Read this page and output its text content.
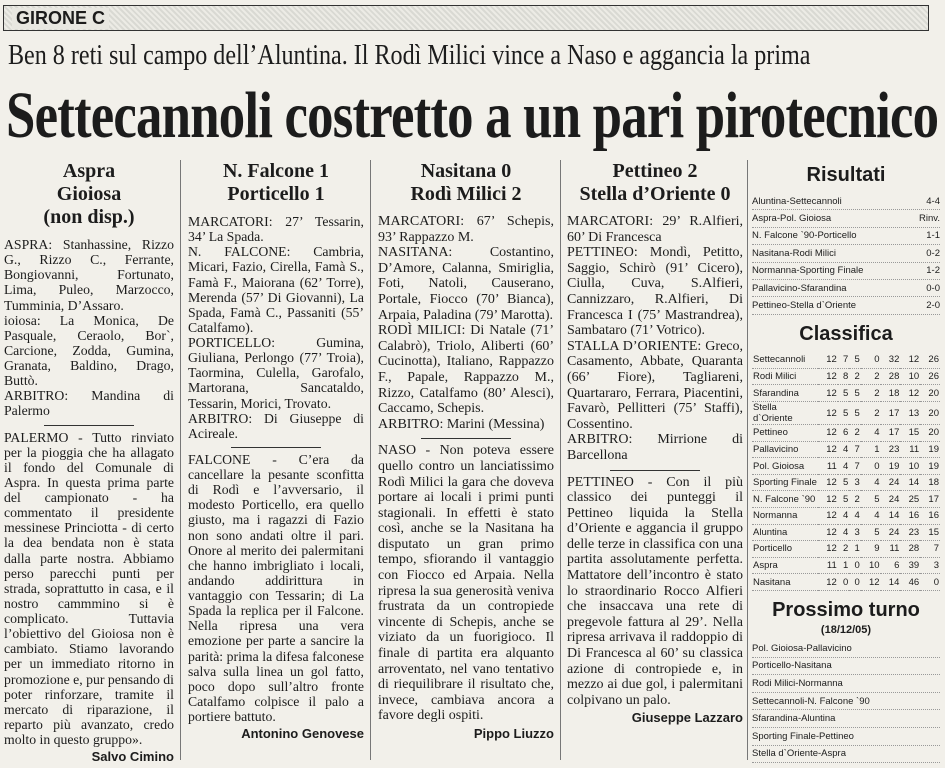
GIRONE C
Ben 8 reti sul campo dell’Aluntina. Il Rodì Milici vince a Naso e aggancia la prima
Settecannoli costretto a un pari pirotecnico
Aspra
Gioiosa
(non disp.)

ASPRA: Stanhassine, Rizzo G., Rizzo C., Ferrante, Bongiovanni, Fortunato, Lima, Puleo, Marzocco, Tumminia, D’Assaro.

ioiosa: La Monica, De Pasquale, Ceraolo, Bor`, Carcione, Zodda, Gumina, Granata, Baldino, Drago, Buttò.

ARBITRO: Mandina di Palermo

PALERMO - Tutto rinviato per la pioggia che ha allagato il fondo del Comunale di Aspra. In questa prima parte del campionato - ha commentato il presidente messinese Princiotta - di certo la dea bendata non è stata dalla parte nostra. Abbiamo perso parecchi punti per strada, soprattutto in casa, e il nostro cammmino si è complicato. Tuttavia l’obiettivo del Gioiosa non è cambiato. Stiamo lavorando per un immediato ritorno in promozione e, pur pensando di poter rinforzare, tramite il mercato di riparazione, il reparto più avanzato, credo molto in questo gruppo».

Salvo Cimino
N. Falcone 1
Porticello 1

MARCATORI: 27’ Tessarin, 34’ La Spada.

N. FALCONE: Cambria, Micari, Fazio, Cirella, Famà S., Famà F., Maiorana (62’ Torre), Merenda (57’ Di Giovanni), La Spada, Famà C., Passaniti (55’ Catalfamo).

PORTICELLO: Gumina, Giuliana, Perlongo (77’ Troia), Taormina, Culella, Garofalo, Martorana, Sancataldo, Tessarin, Morici, Trovato.

ARBITRO: Di Giuseppe di Acireale.

FALCONE - C’era da cancellare la pesante sconfitta di Rodì e l’avversario, il modesto Porticello, era quello giusto, ma i ragazzi di Fazio non sono andati oltre il pari. Onore al merito dei palermitani che hanno imbrigliato i locali, andando addirittura in vantaggio con Tessarin; di La Spada la replica per il Falcone. Nella ripresa una vera emozione per parte a sancire la parità: prima la difesa falconese salva sulla linea un gol fatto, poco dopo sull’altro fronte Catalfamo colpisce il palo a portiere battuto.

Antonino Genovese
Nasitana 0
Rodì Milici 2

MARCATORI: 67’ Schepis, 93’ Rappazzo M.

NASITANA: Costantino, D’Amore, Calanna, Smiriglia, Foti, Natoli, Causerano, Portale, Fiocco (70’ Bianca), Arpaia, Paladina (79’ Marotta).

RODÌ MILICI: Di Natale (71’ Calabrò), Triolo, Aliberti (60’ Cucinotta), Italiano, Rappazzo F., Papale, Rappazzo M., Rizzo, Catalfamo (80’ Alesci), Caccamo, Schepis.

ARBITRO: Marini (Messina)

NASO - Non poteva essere quello contro un lanciatissimo Rodì Milici la gara che doveva portare ai locali i primi punti stagionali. In effetti è stato così, anche se la Nasitana ha disputato un gran primo tempo, sfiorando il vantaggio con Fiocco ed Arpaia. Nella ripresa la sua generosità veniva frustrata da un contropiede vincente di Schepis, anche se viziato da un fuorigioco. Il finale di partita era alquanto arroventato, nel vano tentativo di riequilibrare il risultato che, invece, cambiava ancora a favore degli ospiti.

Pippo Liuzzo
Pettineo 2
Stella d’Oriente 0

MARCATORI: 29’ R.Alfieri, 60’ Di Francesca

PETTINEO: Mondì, Petitto, Saggio, Schirò (91’ Cicero), Ciulla, Cuva, S.Alfieri, Cannizzaro, R.Alfieri, Di Francesca I (75’ Mastrandrea), Sambataro (71’ Votrico).

STALLA D’ORIENTE: Greco, Casamento, Abbate, Quaranta (66’ Fiore), Tagliareni, Quartararo, Ferrara, Piacentini, Favarò, Pellitteri (75’ Staffi), Cossentino.

ARBITRO: Mirrione di Barcellona

PETTINEO - Con il più classico dei punteggi il Pettineo liquida la Stella d’Oriente e aggancia il gruppo delle terze in classifica con una partita assolutamente perfetta. Mattatore dell’incontro è stato lo straordinario Rocco Alfieri che insaccava una rete di pregevole fattura al 29’. Nella ripresa arrivava il raddoppio di Di Francesca al 60’ su classica azione di contropiede e, in mezzo ai due gol, i palermitani colpivano un palo.

Giuseppe Lazzaro
Risultati
Aluntina-Settecannoli	4-4
Aspra-Pol. Gioiosa	Rinv.
N. Falcone `90-Porticello	1-1
Nasitana-Rodi Milici	0-2
Normanna-Sporting Finale	1-2
Pallavicino-Sfarandina	0-0
Pettineo-Stella d`Oriente	2-0
Classifica
Settecannoli	12	7	5	0	32	12	26
Rodi Milici	12	8	2	2	28	10	26
Sfarandina	12	5	5	2	18	12	20
Stella d`Oriente	12	5	5	2	17	13	20
Pettineo	12	6	2	4	17	15	20
Pallavicino	12	4	7	1	23	11	19
Pol. Gioiosa	11	4	7	0	19	10	19
Sporting Finale	12	5	3	4	24	14	18
N. Falcone `90	12	5	2	5	24	25	17
Normanna	12	4	4	4	14	16	16
Aluntina	12	4	3	5	24	23	15
Porticello	12	2	1	9	11	28	7
Aspra	11	1	0	10	6	39	3
Nasitana	12	0	0	12	14	46	0
Prossimo turno
(18/12/05)
Pol. Gioiosa-Pallavicino
Porticello-Nasitana
Rodi Milici-Normanna
Settecannoli-N. Falcone `90
Sfarandina-Aluntina
Sporting Finale-Pettineo
Stella d`Oriente-Aspra
